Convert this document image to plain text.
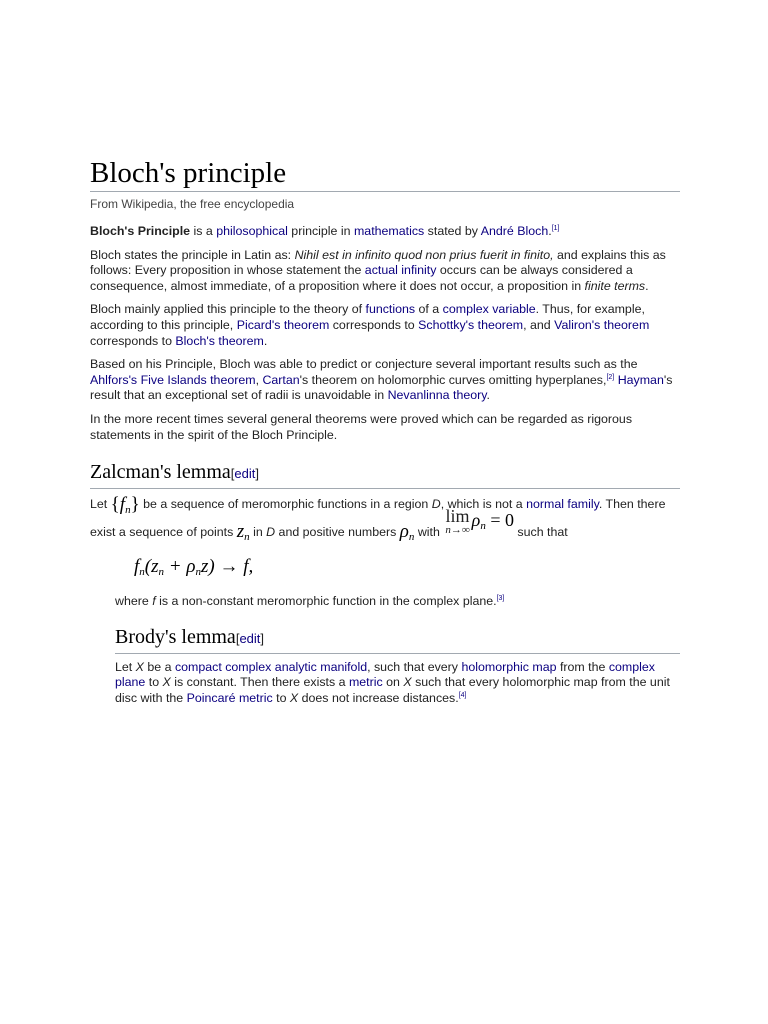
Bloch's principle
From Wikipedia, the free encyclopedia

Bloch's Principle is a philosophical principle in mathematics stated by André Bloch.[1]

Bloch states the principle in Latin as: Nihil est in infinito quod non prius fuerit in finito, and explains this as follows: Every proposition in whose statement the actual infinity occurs can be always considered a consequence, almost immediate, of a proposition where it does not occur, a proposition in finite terms.

Bloch mainly applied this principle to the theory of functions of a complex variable. Thus, for example, according to this principle, Picard's theorem corresponds to Schottky's theorem, and Valiron's theorem corresponds to Bloch's theorem.

Based on his Principle, Bloch was able to predict or conjecture several important results such as the Ahlfors's Five Islands theorem, Cartan's theorem on holomorphic curves omitting hyperplanes,[2] Hayman's result that an exceptional set of radii is unavoidable in Nevanlinna theory.

In the more recent times several general theorems were proved which can be regarded as rigorous statements in the spirit of the Bloch Principle.

Zalcman's lemma[edit]

Let $\{f_n\}$ be a sequence of meromorphic functions in a region D, which is not a normal family. Then there exist a sequence of points $z_n$ in D and positive numbers $\rho_n$ with
lim
n→∞ $\rho_n = 0$ such that

$f_n(z_n + \rho_nz) \to f$,

where f is a non-constant meromorphic function in the complex plane.[3]

Brody's lemma[edit]

Let X be a compact complex analytic manifold, such that every holomorphic map from the complex plane to X is constant. Then there exists a metric on X such that every holomorphic map from the unit disc with the Poincaré metric to X does not increase distances.[4]
